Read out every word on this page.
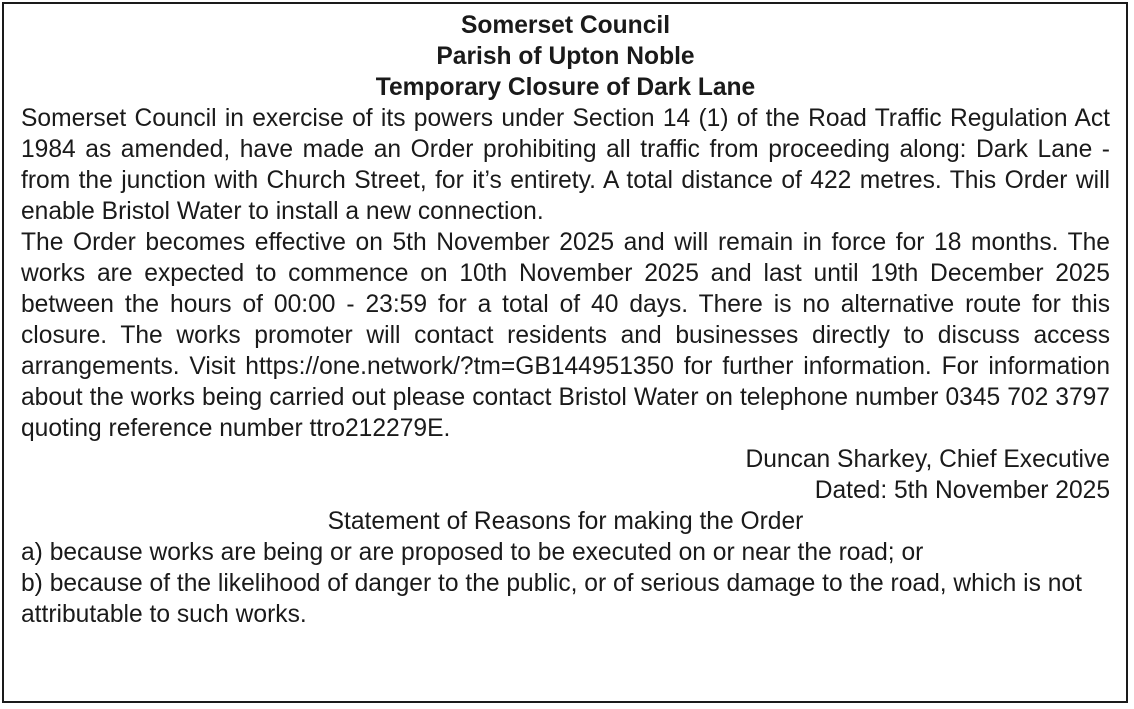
Somerset Council

Parish of Upton Noble

Temporary Closure of Dark Lane

Somerset Council in exercise of its powers under Section 14 (1) of the Road Traffic Regulation Act 1984 as amended, have made an Order prohibiting all traffic from proceeding along: Dark Lane - from the junction with Church Street, for it’s entirety. A total distance of 422 metres. This Order will enable Bristol Water to install a new connection.

The Order becomes effective on 5th November 2025 and will remain in force for 18 months. The works are expected to commence on 10th November 2025 and last until 19th December 2025 between the hours of 00:00 - 23:59 for a total of 40 days. There is no alternative route for this closure. The works promoter will contact residents and businesses directly to discuss access arrangements. Visit https://one.network/?tm=GB144951350 for further information. For information about the works being carried out please contact Bristol Water on telephone number 0345 702 3797 quoting reference number ttro212279E.

Duncan Sharkey, Chief Executive

Dated: 5th November 2025

Statement of Reasons for making the Order

a) because works are being or are proposed to be executed on or near the road; or

b) because of the likelihood of danger to the public, or of serious damage to the road, which is not attributable to such works.
